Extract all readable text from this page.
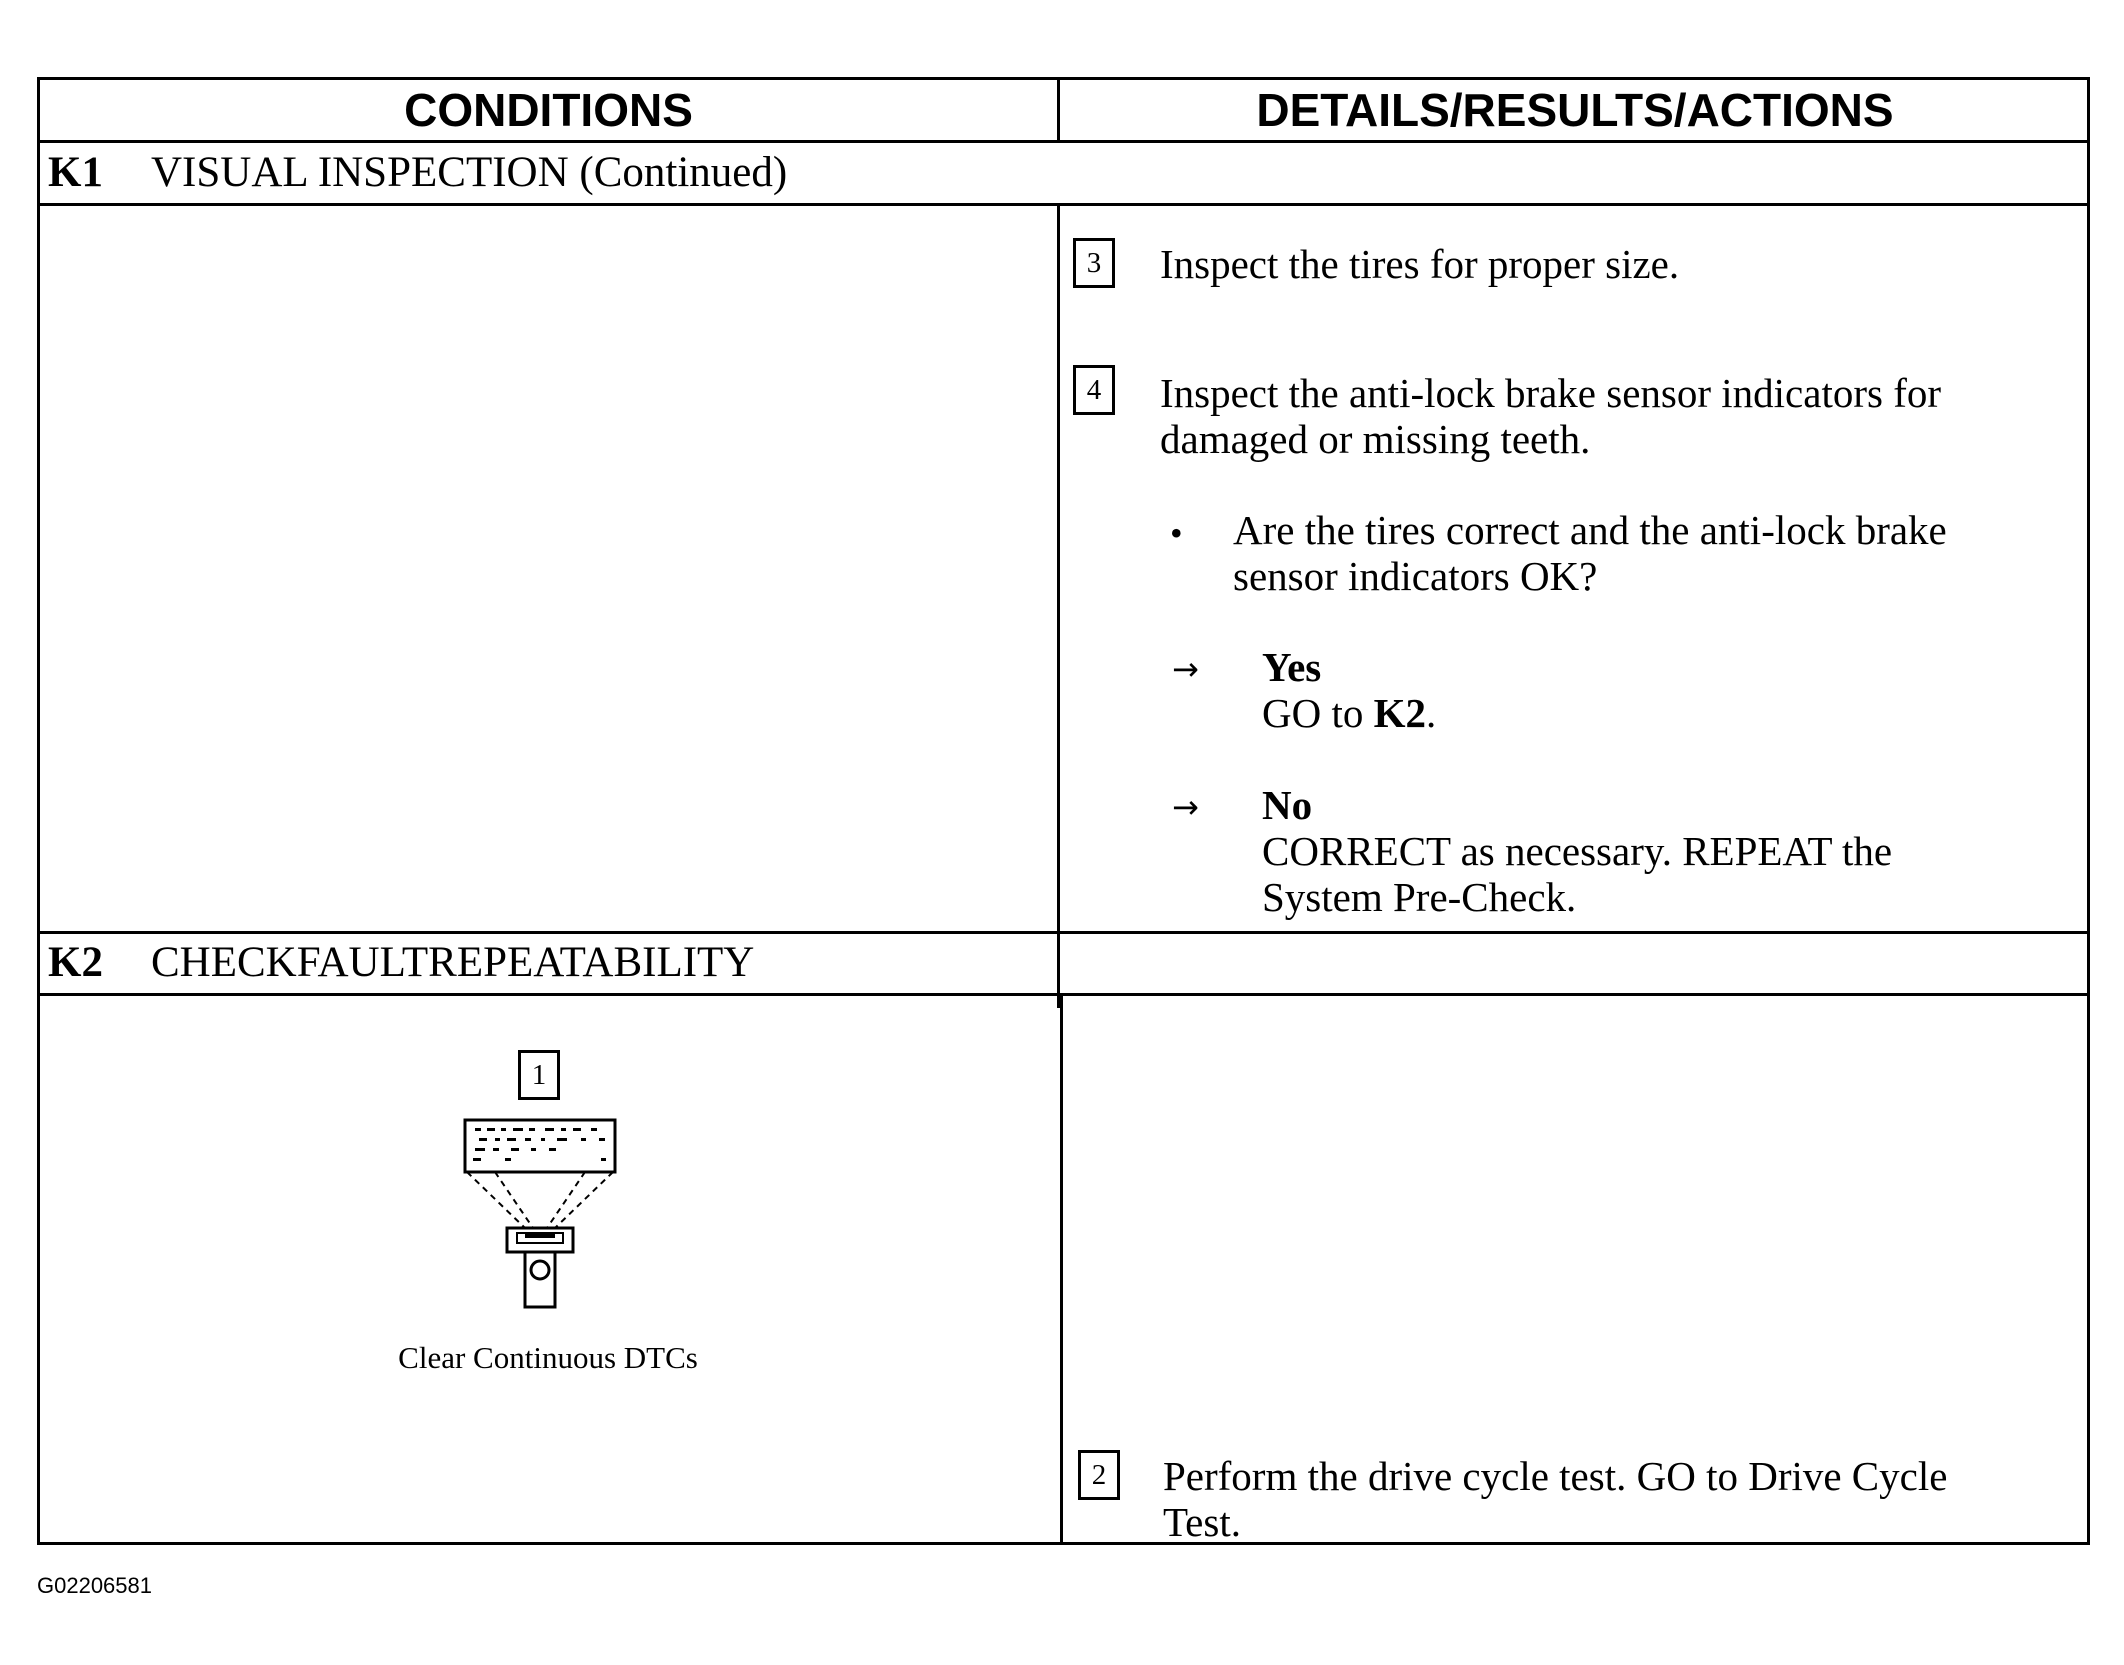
CONDITIONS	DETAILS/RESULTS/ACTIONS
K1 VISUAL INSPECTION (Continued)
3	Inspect the tires for proper size.
4	Inspect the anti-lock brake sensor indicators for
damaged or missing teeth.
• Are the tires correct and the anti-lock brake
sensor indicators OK?
→ Yes
GO to K2.
→ No
CORRECT as necessary. REPEAT the
System Pre-Check.
K2 CHECKFAULTREPEATABILITY
1
Clear Continuous DTCs
2	Perform the drive cycle test. GO to Drive Cycle
Test.
G02206581
